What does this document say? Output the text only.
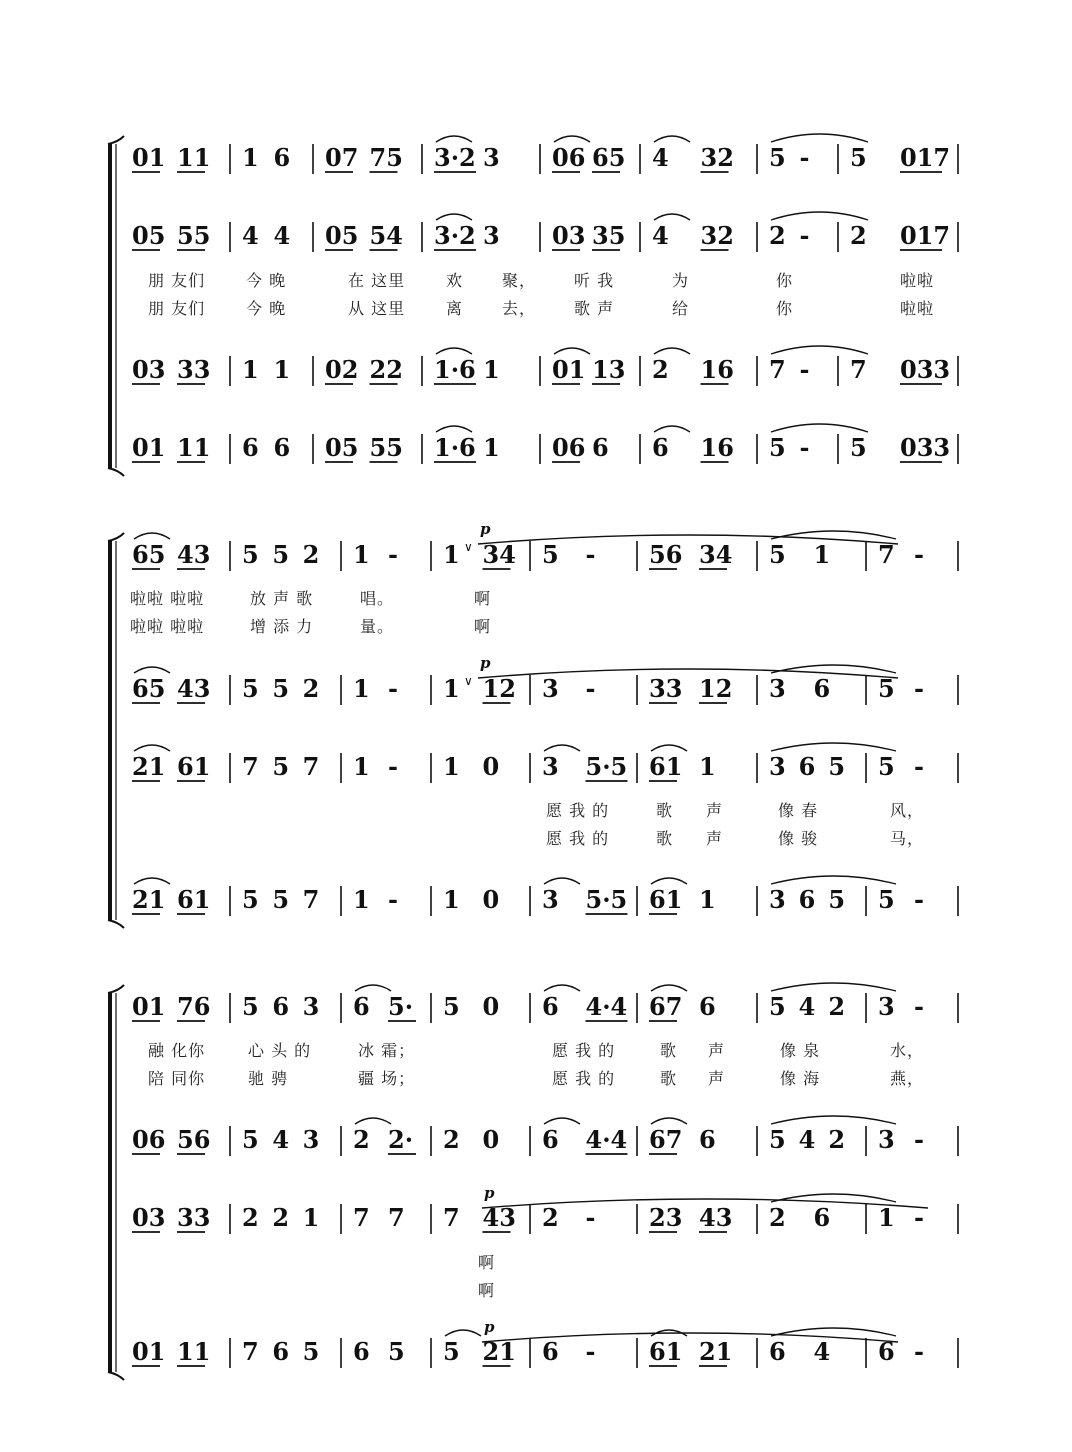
01 11 1 6 07 75 3·2 3 06 65 4 32 5 - 5 017
05 55 4 4 05 54 3·2 3 03 35 4 32 2 - 2 017
03 33 1 1 02 22 1·6 1 01 13 2 16 7 - 7 033
01 11 6 6 05 55 1·6 1 06 6 6 16 5 - 5 033
65 43 5 5 2 1 - 1 34 5 - 56 34 5 1 7 -
65 43 5 5 2 1 - 1 12 3 - 33 12 3 6 5 -
21 61 7 5 7 1 - 1 0 3 5·5 61 1 3 6 5 5 -
21 61 5 5 7 1 - 1 0 3 5·5 61 1 3 6 5 5 -
01 76 5 6 3 6 5· 5 0 6 4·4 67 6 5 4 2 3 -
06 56 5 4 3 2 2· 2 0 6 4·4 67 6 5 4 2 3 -
03 33 2 2 1 7 7 7 43 2 - 23 43 2 6 1 -
01 11 7 6 5 6 5 5 21 6 - 61 21 6 4 6 -
朋 友们	今 晚	在 这里	欢 聚， 听 我	为	你	啦啦
朋 友们	今 晚	从 这里	离 去， 歌 声	给	你	啦啦
啦啦 啦啦	放 声 歌	唱。	啊
啦啦 啦啦	增 添 力	量。	啊
愿 我 的	歌 声	像 春	风，
愿 我 的	歌 声	像 骏	马，
融 化你	心 头 的	冰 霜；	愿 我 的	歌 声	像 泉	水，
陪 同你	驰 骋	疆 场；	愿 我 的	歌 声	像 海	燕，
啊
啊
p
p
p
p
∨
∨
